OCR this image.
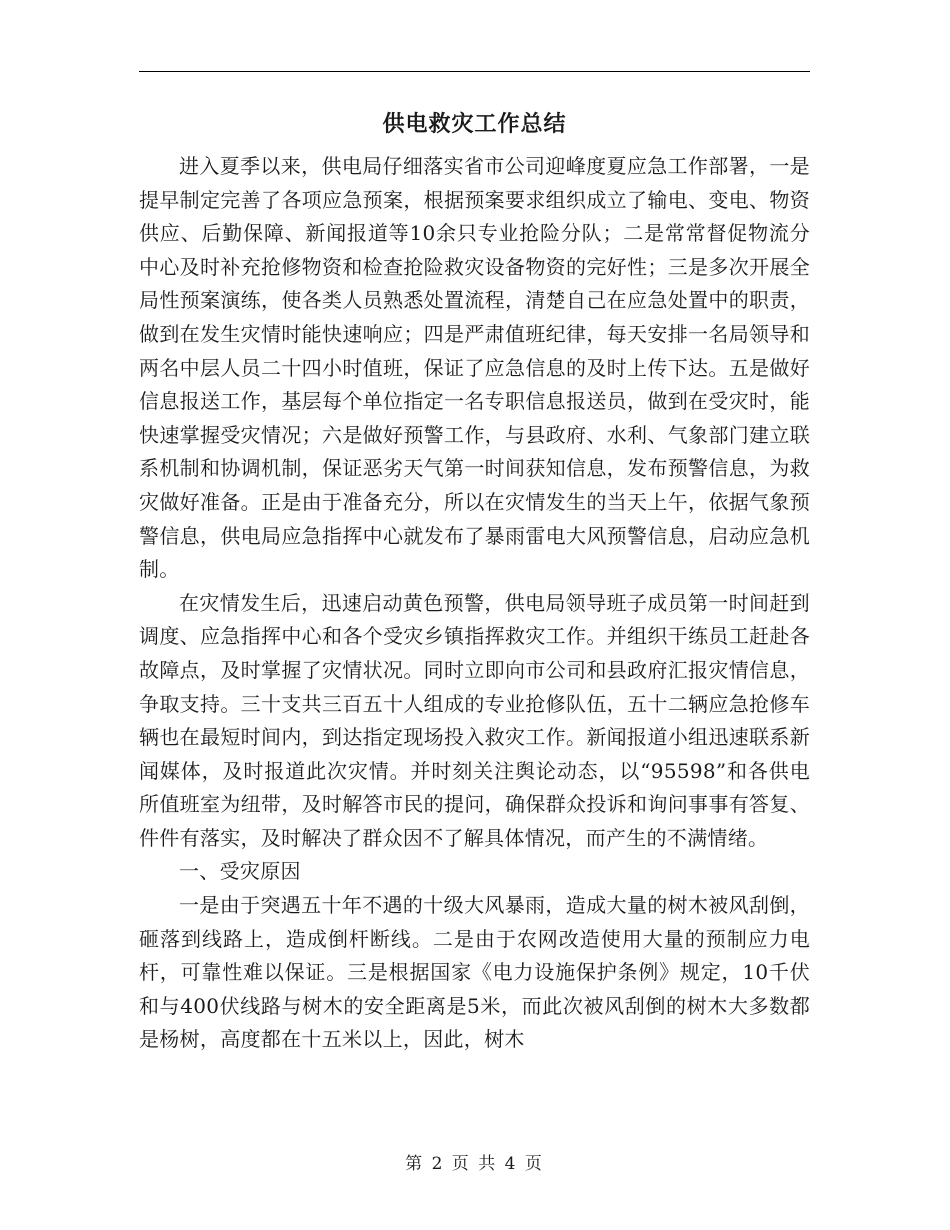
供电救灾工作总结

进入夏季以来，供电局仔细落实省市公司迎峰度夏应急工作部署，一是提早制定完善了各项应急预案，根据预案要求组织成立了输电、变电、物资供应、后勤保障、新闻报道等10余只专业抢险分队；二是常常督促物流分中心及时补充抢修物资和检查抢险救灾设备物资的完好性；三是多次开展全局性预案演练，使各类人员熟悉处置流程，清楚自己在应急处置中的职责，做到在发生灾情时能快速响应；四是严肃值班纪律，每天安排一名局领导和两名中层人员二十四小时值班，保证了应急信息的及时上传下达。五是做好信息报送工作，基层每个单位指定一名专职信息报送员，做到在受灾时，能快速掌握受灾情况；六是做好预警工作，与县政府、水利、气象部门建立联系机制和协调机制，保证恶劣天气第一时间获知信息，发布预警信息，为救灾做好准备。正是由于准备充分，所以在灾情发生的当天上午，依据气象预警信息，供电局应急指挥中心就发布了暴雨雷电大风预警信息，启动应急机制。

在灾情发生后，迅速启动黄色预警，供电局领导班子成员第一时间赶到调度、应急指挥中心和各个受灾乡镇指挥救灾工作。并组织干练员工赶赴各故障点，及时掌握了灾情状况。同时立即向市公司和县政府汇报灾情信息，争取支持。三十支共三百五十人组成的专业抢修队伍，五十二辆应急抢修车辆也在最短时间内，到达指定现场投入救灾工作。新闻报道小组迅速联系新闻媒体，及时报道此次灾情。并时刻关注舆论动态，以“95598”和各供电所值班室为纽带，及时解答市民的提问，确保群众投诉和询问事事有答复、件件有落实，及时解决了群众因不了解具体情况，而产生的不满情绪。

一、受灾原因

一是由于突遇五十年不遇的十级大风暴雨，造成大量的树木被风刮倒，砸落到线路上，造成倒杆断线。二是由于农网改造使用大量的预制应力电杆，可靠性难以保证。三是根据国家《电力设施保护条例》规定，10千伏和与400伏线路与树木的安全距离是5米，而此次被风刮倒的树木大多数都是杨树，高度都在十五米以上，因此，树木

第 2 页 共 4 页
